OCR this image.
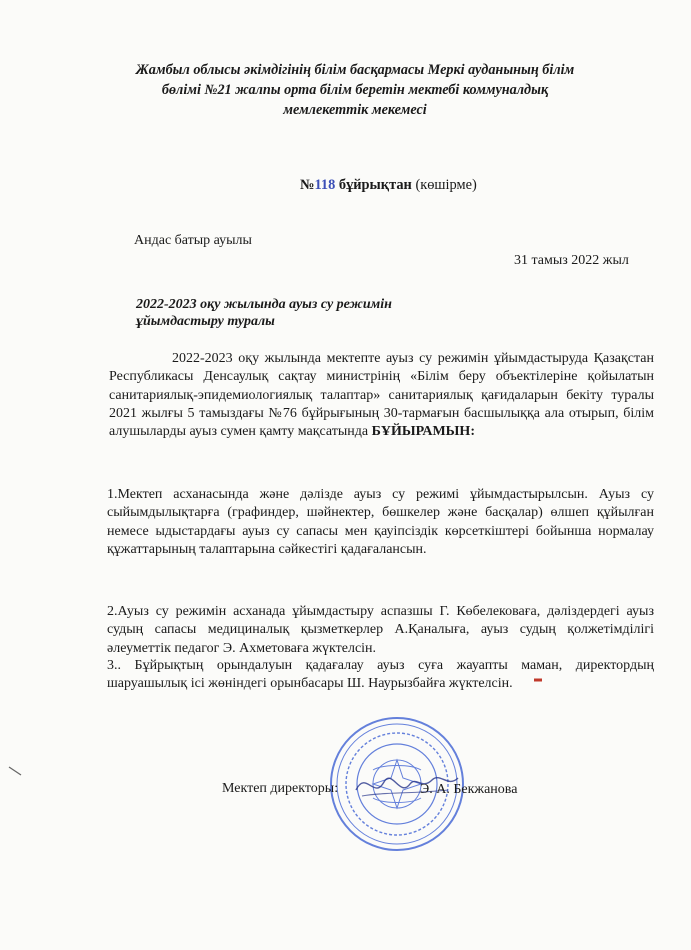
Жамбыл облысы әкімдігінің білім басқармасы Меркі ауданының білім
бөлімі №21 жалпы орта білім беретін мектебі коммуналдық
мемлекеттік мекемесі
№118 бұйрықтан (көшірме)
Андас батыр ауылы
31 тамыз 2022 жыл
2022-2023 оқу жылында ауыз су режимін
ұйымдастыру туралы
2022-2023 оқу жылында мектепте ауыз су режимін ұйымдастыруда Қазақстан Республикасы Денсаулық сақтау министрінің «Білім беру объектілеріне қойылатын санитариялық-эпидемиологиялық талаптар» санитариялық қағидаларын бекіту туралы 2021 жылғы 5 тамыздағы №76 бұйрығының 30-тармағын басшылыққа ала отырып, білім алушыларды ауыз сумен қамту мақсатында БҰЙЫРАМЫН:
1.Мектеп асханасында және дәлізде ауыз су режимі ұйымдастырылсын. Ауыз су сыйымдылықтарға (графиндер, шәйнектер, бөшкелер және басқалар) өлшеп құйылған немесе ыдыстардағы ауыз су сапасы мен қауіпсіздік көрсеткіштері бойынша нормалау құжаттарының талаптарына сәйкестігі қадағалансын.
2.Ауыз су режимін асханада ұйымдастыру аспазшы Г. Көбелековаға, дәліздердегі ауыз судың сапасы медициналық қызметкерлер А.Қаналыға, ауыз судың қолжетімділігі әлеуметтік педагог Э. Ахметоваға жүктелсін.
3.. Бұйрықтың орындалуын қадағалау ауыз суға жауапты маман, директордың шаруашылық ісі жөніндегі орынбасары Ш. Наурызбайға жүктелсін.
Мектеп директоры:	Э. А. Бекжанова
